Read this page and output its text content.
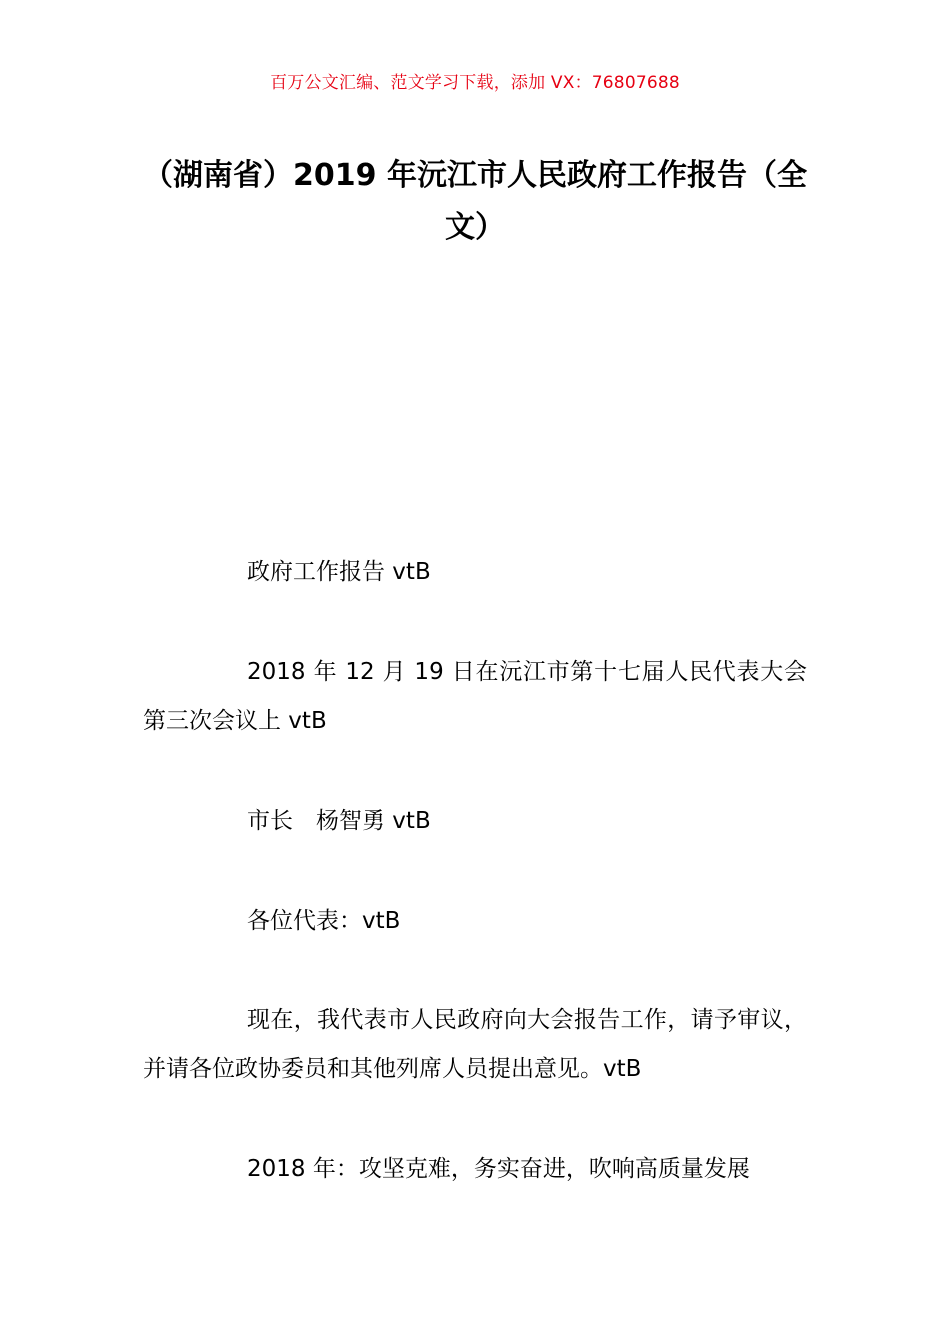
百万公文汇编、范文学习下载，添加 VX：76807688
（湖南省）2019 年沅江市人民政府工作报告（全文）

政府工作报告 vtB

2018 年 12 月 19 日在沅江市第十七届人民代表大会第三次会议上 vtB

市长　杨智勇 vtB

各位代表：vtB

现在，我代表市人民政府向大会报告工作，请予审议，并请各位政协委员和其他列席人员提出意见。vtB

2018 年：攻坚克难，务实奋进，吹响高质量发展
